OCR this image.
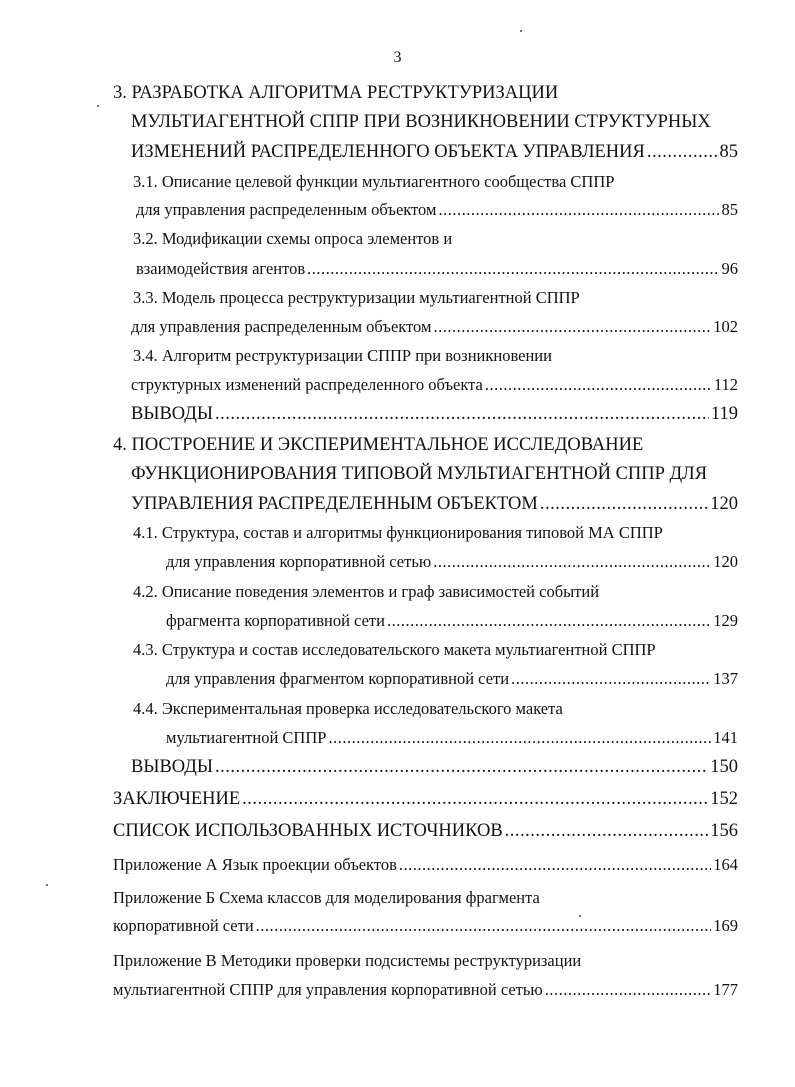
3
3. РАЗРАБОТКА АЛГОРИТМА РЕСТРУКТУРИЗАЦИИ
МУЛЬТИАГЕНТНОЙ СППР ПРИ ВОЗНИКНОВЕНИИ СТРУКТУРНЫХ
ИЗМЕНЕНИЙ РАСПРЕДЕЛЕННОГО ОБЪЕКТА УПРАВЛЕНИЯ .....	85
3.1. Описание целевой функции мультиагентного сообщества СППР
для управления распределенным объектом .....	85
3.2. Модификации схемы опроса элементов и
взаимодействия агентов .....	96
3.3. Модель процесса реструктуризации мультиагентной СППР
для управления распределенным объектом .....	102
3.4. Алгоритм реструктуризации СППР при возникновении
структурных изменений распределенного объекта .....	112
ВЫВОДЫ .....	119
4. ПОСТРОЕНИЕ И ЭКСПЕРИМЕНТАЛЬНОЕ ИССЛЕДОВАНИЕ
ФУНКЦИОНИРОВАНИЯ ТИПОВОЙ МУЛЬТИАГЕНТНОЙ СППР ДЛЯ
УПРАВЛЕНИЯ РАСПРЕДЕЛЕННЫМ ОБЪЕКТОМ .....	120
4.1. Структура, состав и алгоритмы функционирования типовой МА СППР
для управления корпоративной сетью .....	120
4.2. Описание поведения элементов и граф зависимостей событий
фрагмента корпоративной сети .....	129
4.3. Структура и состав исследовательского макета мультиагентной СППР
для управления фрагментом корпоративной сети .....	137
4.4. Экспериментальная проверка исследовательского макета
мультиагентной СППР .....	141
ВЫВОДЫ .....	150
ЗАКЛЮЧЕНИЕ .....	152
СПИСОК ИСПОЛЬЗОВАННЫХ ИСТОЧНИКОВ .....	156
Приложение А Язык проекции объектов .....	164
Приложение Б Схема классов для моделирования фрагмента
корпоративной сети .....	169
Приложение В Методики проверки подсистемы реструктуризации
мультиагентной СППР для управления корпоративной сетью .....	177
